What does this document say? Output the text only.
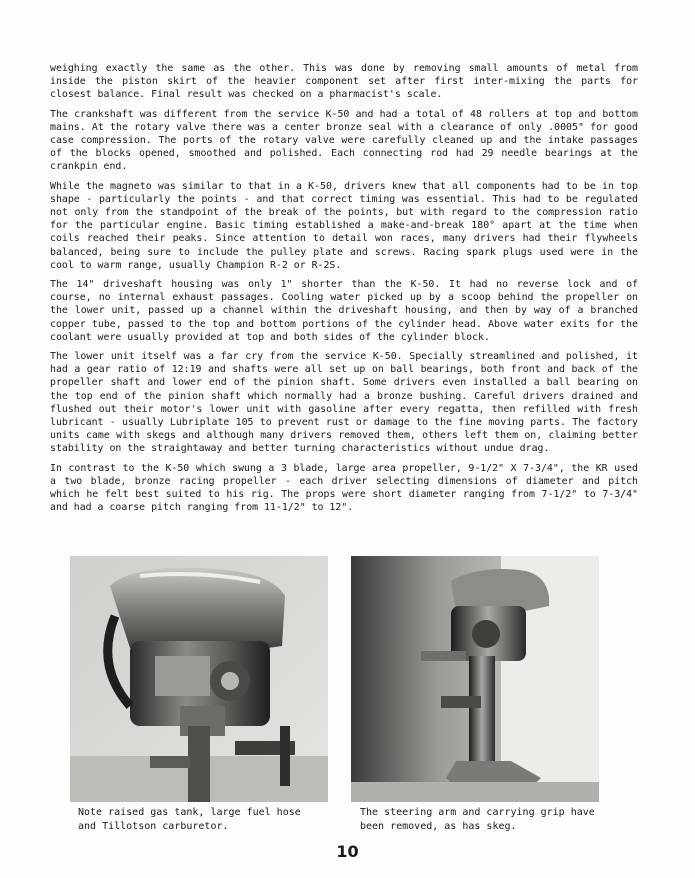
weighing exactly the same as the other. This was done by removing small amounts of metal from inside the piston skirt of the heavier component set after first inter-mixing the parts for closest balance. Final result was checked on a pharmacist's scale.

The crankshaft was different from the service K-50 and had a total of 48 rollers at top and bottom mains. At the rotary valve there was a center bronze seal with a clearance of only .0005" for good case compression. The ports of the rotary valve were carefully cleaned up and the intake passages of the blocks opened, smoothed and polished. Each connecting rod had 29 needle bearings at the crankpin end.

While the magneto was similar to that in a K-50, drivers knew that all components had to be in top shape - particularly the points - and that correct timing was essential. This had to be regulated not only from the standpoint of the break of the points, but with regard to the compression ratio for the particular engine. Basic timing established a make-and-break 180° apart at the time when coils reached their peaks. Since attention to detail won races, many drivers had their flywheels balanced, being sure to include the pulley plate and screws. Racing spark plugs used were in the cool to warm range, usually Champion R-2 or R-2S.

The 14" driveshaft housing was only 1" shorter than the K-50. It had no reverse lock and of course, no internal exhaust passages. Cooling water picked up by a scoop behind the propeller on the lower unit, passed up a channel within the driveshaft housing, and then by way of a branched copper tube, passed to the top and bottom portions of the cylinder head. Above water exits for the coolant were usually provided at top and both sides of the cylinder block.

The lower unit itself was a far cry from the service K-50. Specially streamlined and polished, it had a gear ratio of 12:19 and shafts were all set up on ball bearings, both front and back of the propeller shaft and lower end of the pinion shaft. Some drivers even installed a ball bearing on the top end of the pinion shaft which normally had a bronze bushing. Careful drivers drained and flushed out their motor's lower unit with gasoline after every regatta, then refilled with fresh lubricant - usually Lubriplate 105 to prevent rust or damage to the fine moving parts. The factory units came with skegs and although many drivers removed them, others left them on, claiming better stability on the straightaway and better turning characteristics without undue drag.

In contrast to the K-50 which swung a 3 blade, large area propeller, 9-1/2" X 7-3/4", the KR used a two blade, bronze racing propeller - each driver selecting dimensions of diameter and pitch which he felt best suited to his rig. The props were short diameter ranging from 7-1/2" to 7-3/4" and had a coarse pitch ranging from 11-1/2" to 12".

Note raised gas tank, large fuel hose and Tillotson carburetor.
The steering arm and carrying grip have been removed, as has skeg.
10
